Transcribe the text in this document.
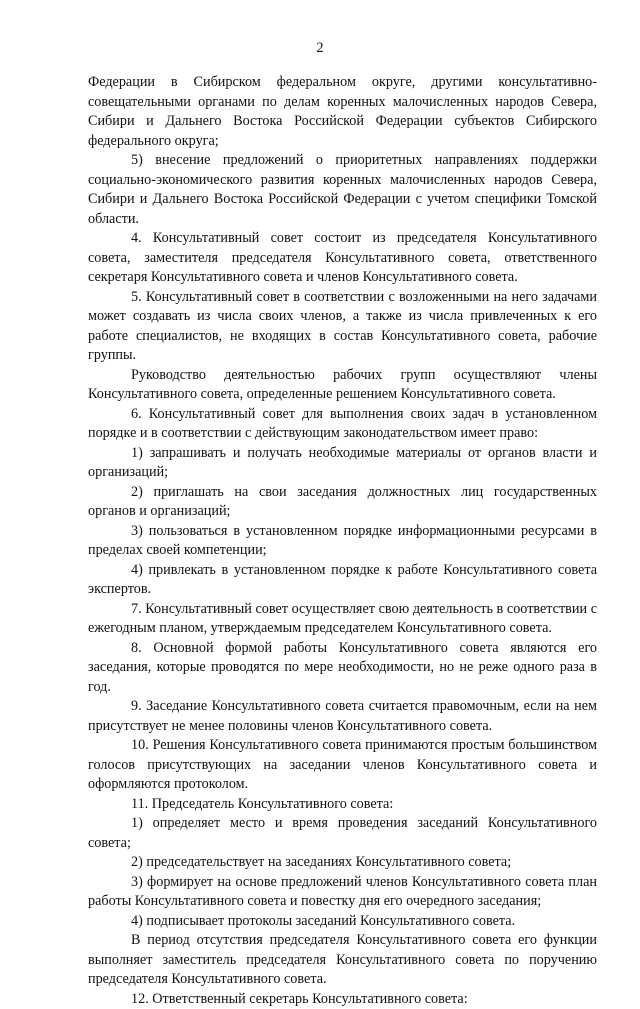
2

Федерации в Сибирском федеральном округе, другими консультативно-совещательными органами по делам коренных малочисленных народов Севера, Сибири и Дальнего Востока Российской Федерации субъектов Сибирского федерального округа;

5) внесение предложений о приоритетных направлениях поддержки социально-экономического развития коренных малочисленных народов Севера, Сибири и Дальнего Востока Российской Федерации с учетом специфики Томской области.

4. Консультативный совет состоит из председателя Консультативного совета, заместителя председателя Консультативного совета, ответственного секретаря Консультативного совета и членов Консультативного совета.

5. Консультативный совет в соответствии с возложенными на него задачами может создавать из числа своих членов, а также из числа привлеченных к его работе специалистов, не входящих в состав Консультативного совета, рабочие группы.

Руководство деятельностью рабочих групп осуществляют члены Консультативного совета, определенные решением Консультативного совета.

6. Консультативный совет для выполнения своих задач в установленном порядке и в соответствии с действующим законодательством имеет право:

1) запрашивать и получать необходимые материалы от органов власти и организаций;

2) приглашать на свои заседания должностных лиц государственных органов и организаций;

3) пользоваться в установленном порядке информационными ресурсами в пределах своей компетенции;

4) привлекать в установленном порядке к работе Консультативного совета экспертов.

7. Консультативный совет осуществляет свою деятельность в соответствии с ежегодным планом, утверждаемым председателем Консультативного совета.

8. Основной формой работы Консультативного совета являются его заседания, которые проводятся по мере необходимости, но не реже одного раза в год.

9. Заседание Консультативного совета считается правомочным, если на нем присутствует не менее половины членов Консультативного совета.

10. Решения Консультативного совета принимаются простым большинством голосов присутствующих на заседании членов Консультативного совета и оформляются протоколом.

11. Председатель Консультативного совета:

1) определяет место и время проведения заседаний Консультативного совета;

2) председательствует на заседаниях Консультативного совета;

3) формирует на основе предложений членов Консультативного совета план работы Консультативного совета и повестку дня его очередного заседания;

4) подписывает протоколы заседаний Консультативного совета.

В период отсутствия председателя Консультативного совета его функции выполняет заместитель председателя Консультативного совета по поручению председателя Консультативного совета.

12. Ответственный секретарь Консультативного совета:
